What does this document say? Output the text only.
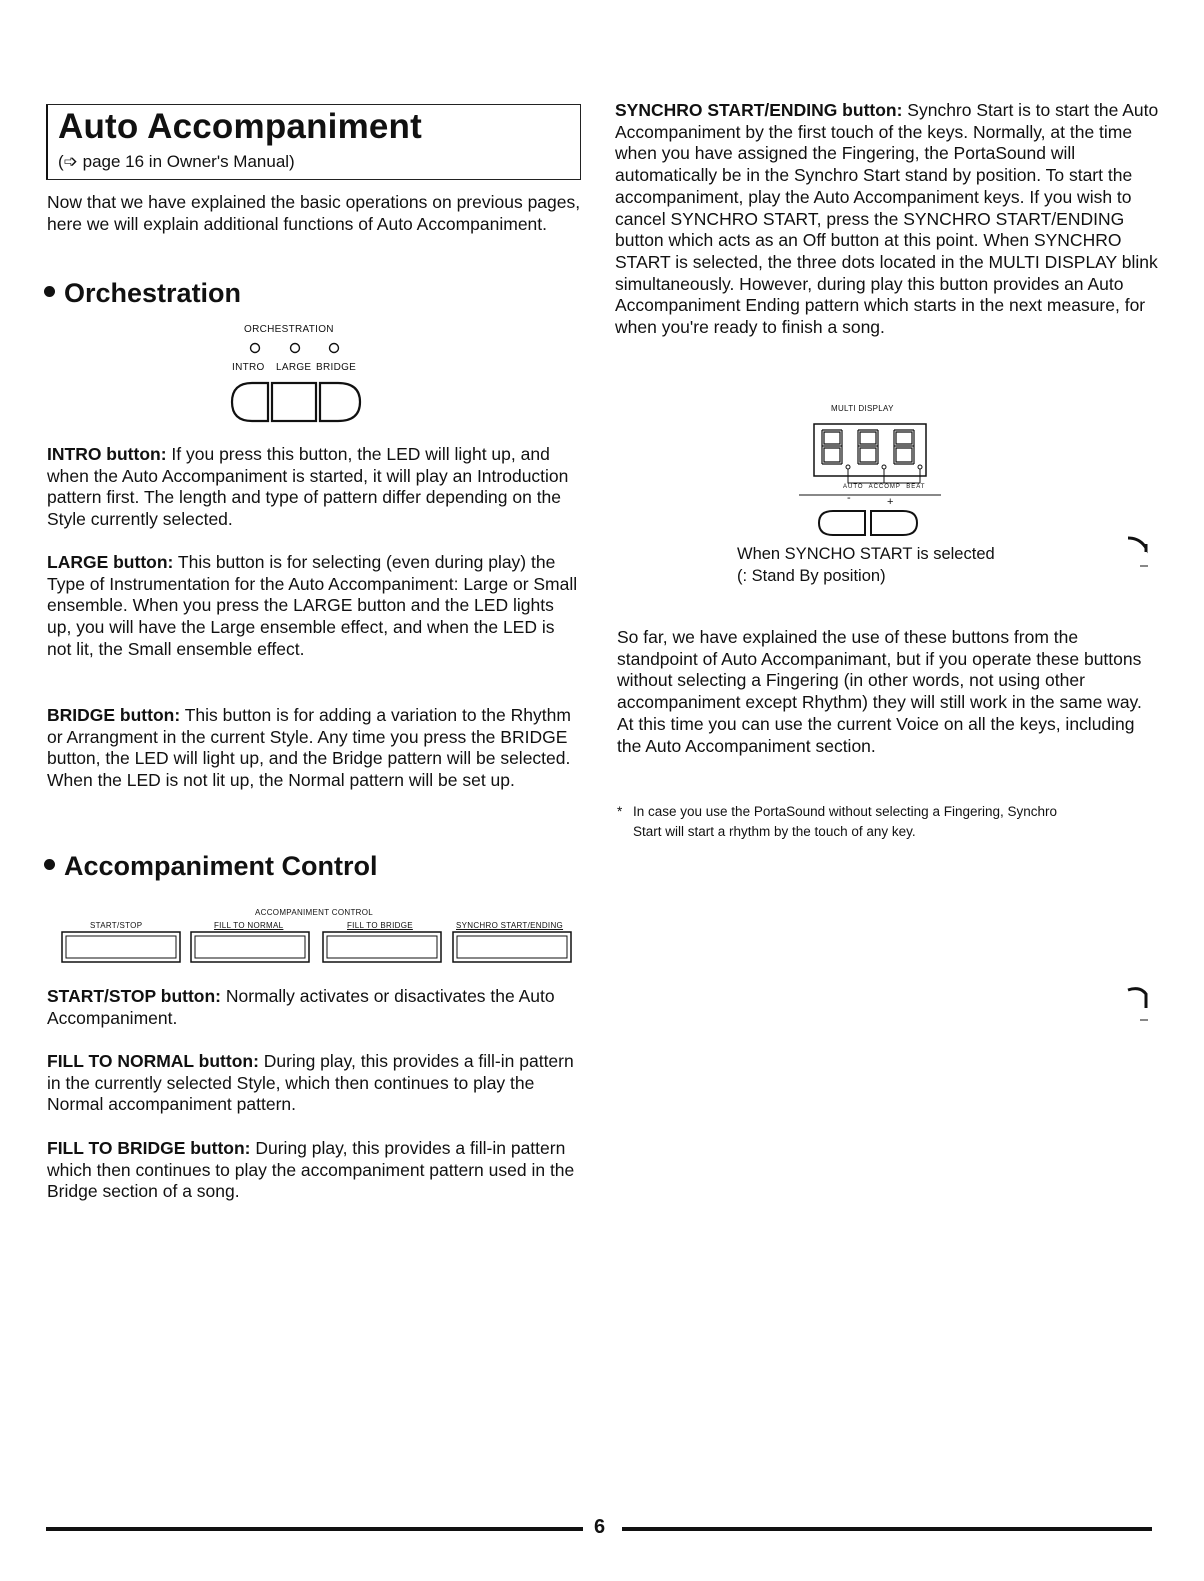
Auto Accompaniment
(➩ page 16 in Owner's Manual)

Now that we have explained the basic operations on previous pages, here we will explain additional functions of Auto Accompaniment.

Orchestration
ORCHESTRATION
INTRO	LARGE BRIDGE

INTRO button: If you press this button, the LED will light up, and when the Auto Accompaniment is started, it will play an Introduction pattern first. The length and type of pattern differ depending on the Style currently selected.

LARGE button: This button is for selecting (even during play) the Type of Instrumentation for the Auto Accompaniment: Large or Small ensemble. When you press the LARGE button and the LED lights up, you will have the Large ensemble effect, and when the LED is not lit, the Small ensemble effect.

BRIDGE button: This button is for adding a variation to the Rhythm or Arrangment in the current Style. Any time you press the BRIDGE button, the LED will light up, and the Bridge pattern will be selected. When the LED is not lit up, the Normal pattern will be set up.

Accompaniment Control
ACCOMPANIMENT CONTROL
START/STOP	FILL TO NORMAL	FILL TO BRIDGE	SYNCHRO START/ENDING

START/STOP button: Normally activates or disactivates the Auto Accompaniment.

FILL TO NORMAL button: During play, this provides a fill-in pattern in the currently selected Style, which then continues to play the Normal accompaniment pattern.

FILL TO BRIDGE button: During play, this provides a fill-in pattern which then continues to play the accompaniment pattern used in the Bridge section of a song.

SYNCHRO START/ENDING button: Synchro Start is to start the Auto Accompaniment by the first touch of the keys. Normally, at the time when you have assigned the Fingering, the PortaSound will automatically be in the Synchro Start stand by position. To start the accompaniment, play the Auto Accompaniment keys. If you wish to cancel SYNCHRO START, press the SYNCHRO START/ENDING button which acts as an Off button at this point. When SYNCHRO START is selected, the three dots located in the MULTI DISPLAY blink simultaneously. However, during play this button provides an Auto Accompaniment Ending pattern which starts in the next measure, for when you're ready to finish a song.

MULTI DISPLAY
AUTO ACCOMP BEAT
-	+
When SYNCHO START is selected
(: Stand By position)

So far, we have explained the use of these buttons from the standpoint of Auto Accompanimant, but if you operate these buttons without selecting a Fingering (in other words, not using other accompaniment except Rhythm) they will still work in the same way. At this time you can use the current Voice on all the keys, including the Auto Accompaniment section.

* In case you use the PortaSound without selecting a Fingering, Synchro
Start will start a rhythm by the touch of any key.
6
